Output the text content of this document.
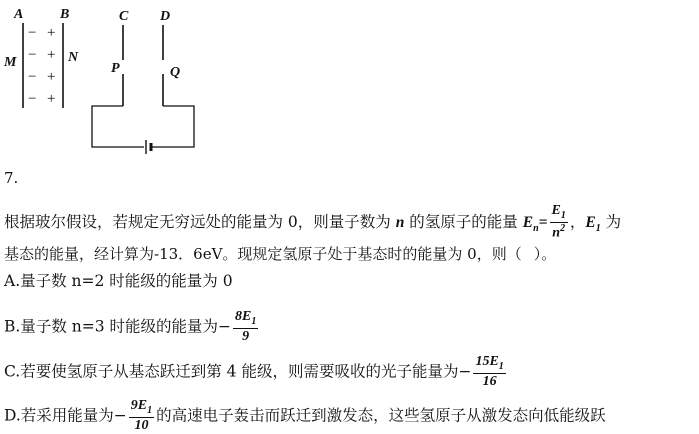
− +
− +
− +
− +
A	B
M	N
C D
P	Q
7.
根据玻尔假设，若规定无穷远处的能量为 0，则量子数为 n 的氢原子的能量 $E_n= \frac{E_1}{n^2}$ ，$E_1$ 为
基态的能量，经计算为-13．6eV。现规定氢原子处于基态时的能量为 0，则（ ）。
A.量子数 n=2 时能级的能量为 0
B.量子数 n=3 时能级的能量为− $\frac{8E_1}{9}$
C.若要使氢原子从基态跃迁到第 4 能级，则需要吸收的光子能量为− $\frac{15E_1}{16}$
D.若采用能量为− $\frac{9E_1}{10}$ 的高速电子轰击而跃迁到激发态，这些氢原子从激发态向低能级跃
